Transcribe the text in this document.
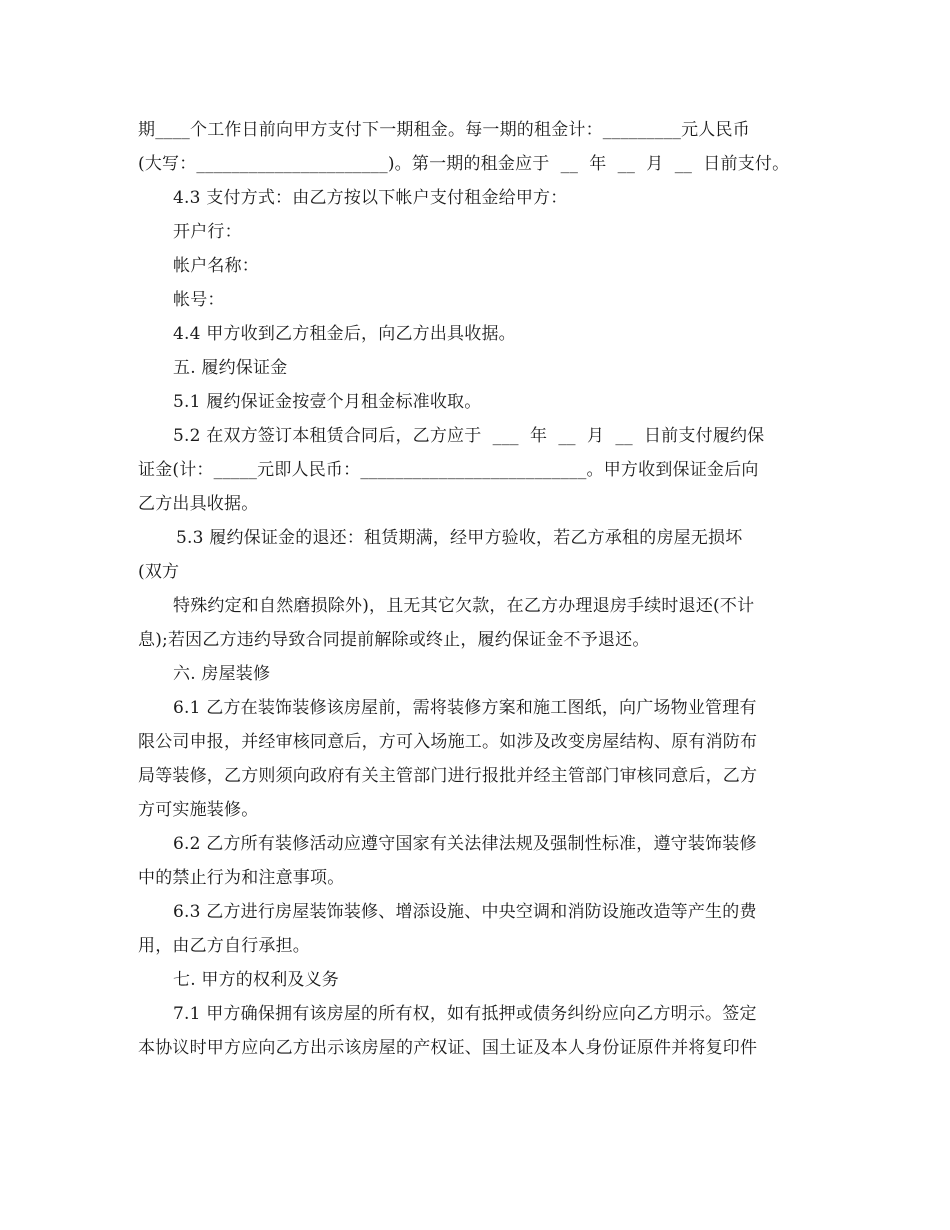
期____个工作日前向甲方支付下一期租金。每一期的租金计：_________元人民币
(大写：______________________)。第一期的租金应于  __  年  __  月  __  日前支付。
4.3 支付方式：由乙方按以下帐户支付租金给甲方：
开户行：
帐户名称：
帐号：
4.4 甲方收到乙方租金后，向乙方出具收据。
五. 履约保证金
5.1 履约保证金按壹个月租金标准收取。
5.2 在双方签订本租赁合同后，乙方应于  ___  年  __  月  __  日前支付履约保
证金(计：_____元即人民币：__________________________。甲方收到保证金后向
乙方出具收据。
5.3 履约保证金的退还：租赁期满，经甲方验收，若乙方承租的房屋无损坏
(双方
特殊约定和自然磨损除外)，且无其它欠款，在乙方办理退房手续时退还(不计
息);若因乙方违约导致合同提前解除或终止，履约保证金不予退还。
六. 房屋装修
6.1 乙方在装饰装修该房屋前，需将装修方案和施工图纸，向广场物业管理有
限公司申报，并经审核同意后，方可入场施工。如涉及改变房屋结构、原有消防布
局等装修，乙方则须向政府有关主管部门进行报批并经主管部门审核同意后，乙方
方可实施装修。
6.2 乙方所有装修活动应遵守国家有关法律法规及强制性标准，遵守装饰装修
中的禁止行为和注意事项。
6.3 乙方进行房屋装饰装修、增添设施、中央空调和消防设施改造等产生的费
用，由乙方自行承担。
七. 甲方的权利及义务
7.1 甲方确保拥有该房屋的所有权，如有抵押或债务纠纷应向乙方明示。签定
本协议时甲方应向乙方出示该房屋的产权证、国土证及本人身份证原件并将复印件
